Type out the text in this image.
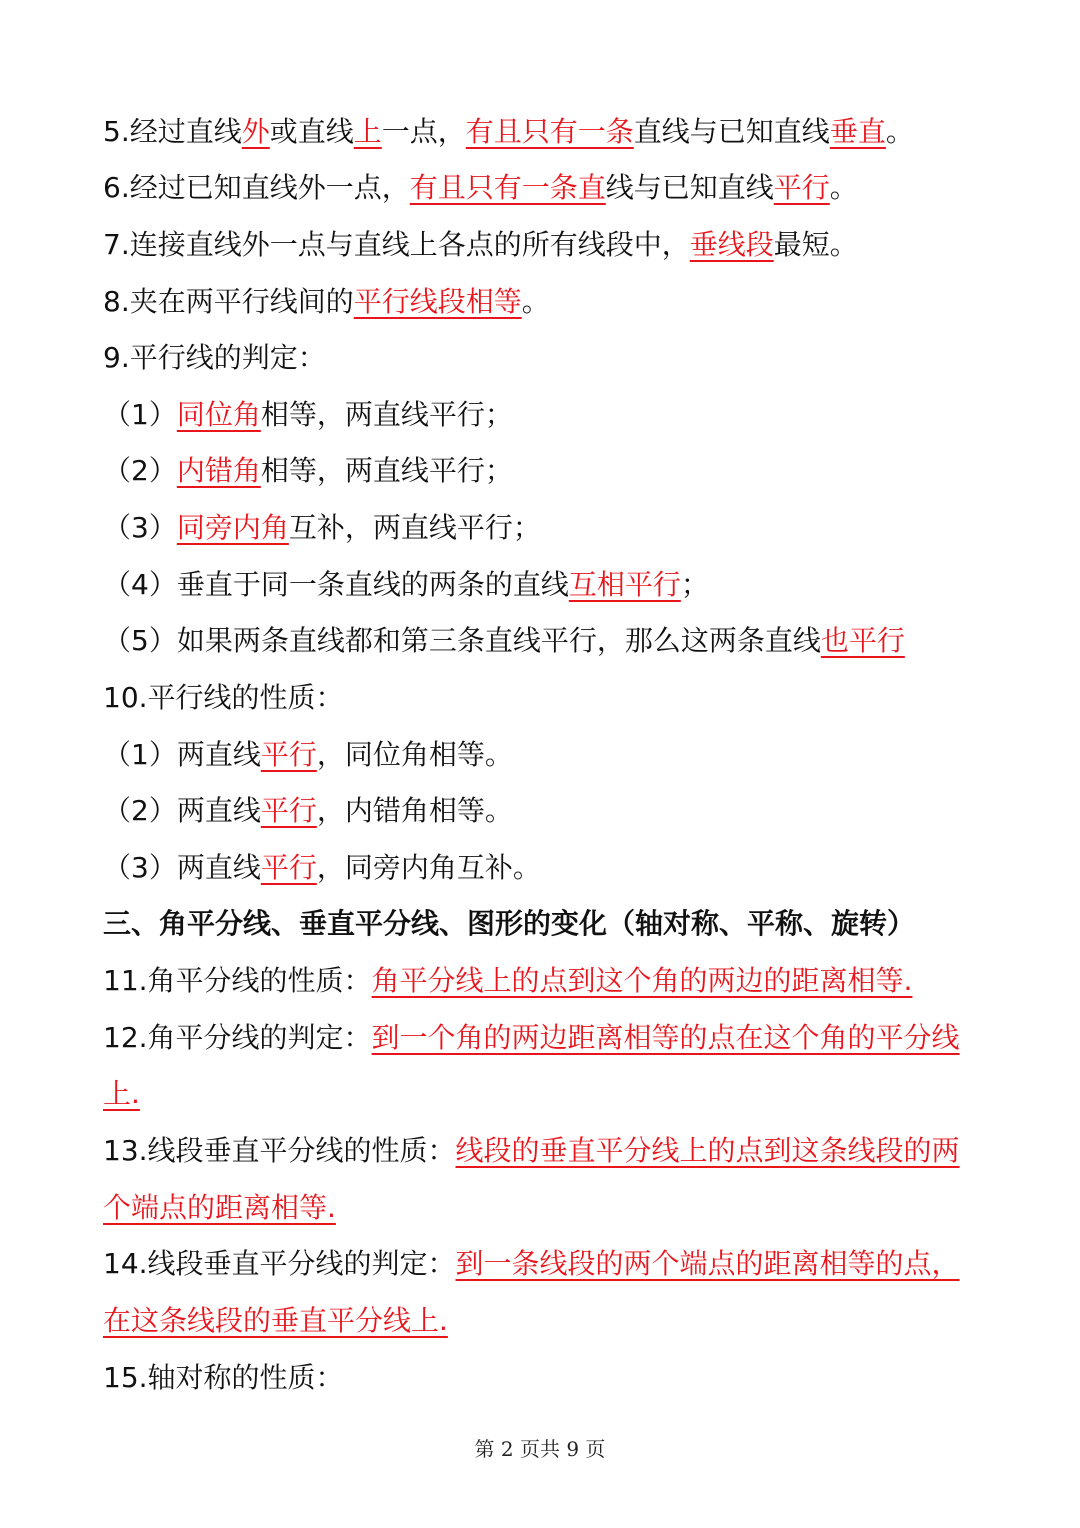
5.经过直线外或直线上一点，有且只有一条直线与已知直线垂直。
6.经过已知直线外一点，有且只有一条直线与已知直线平行。
7.连接直线外一点与直线上各点的所有线段中，垂线段最短。
8.夹在两平行线间的平行线段相等。
9.平行线的判定：
（1）同位角相等，两直线平行；
（2）内错角相等，两直线平行；
（3）同旁内角互补，两直线平行；
（4）垂直于同一条直线的两条的直线互相平行；
（5）如果两条直线都和第三条直线平行，那么这两条直线也平行
10.平行线的性质：
（1）两直线平行，同位角相等。
（2）两直线平行，内错角相等。
（3）两直线平行，同旁内角互补。
三、角平分线、垂直平分线、图形的变化（轴对称、平称、旋转）
11.角平分线的性质：角平分线上的点到这个角的两边的距离相等.
12.角平分线的判定：到一个角的两边距离相等的点在这个角的平分线
上.
13.线段垂直平分线的性质：线段的垂直平分线上的点到这条线段的两
个端点的距离相等.
14.线段垂直平分线的判定：到一条线段的两个端点的距离相等的点，
在这条线段的垂直平分线上.
15.轴对称的性质：
第 2 页共 9 页
